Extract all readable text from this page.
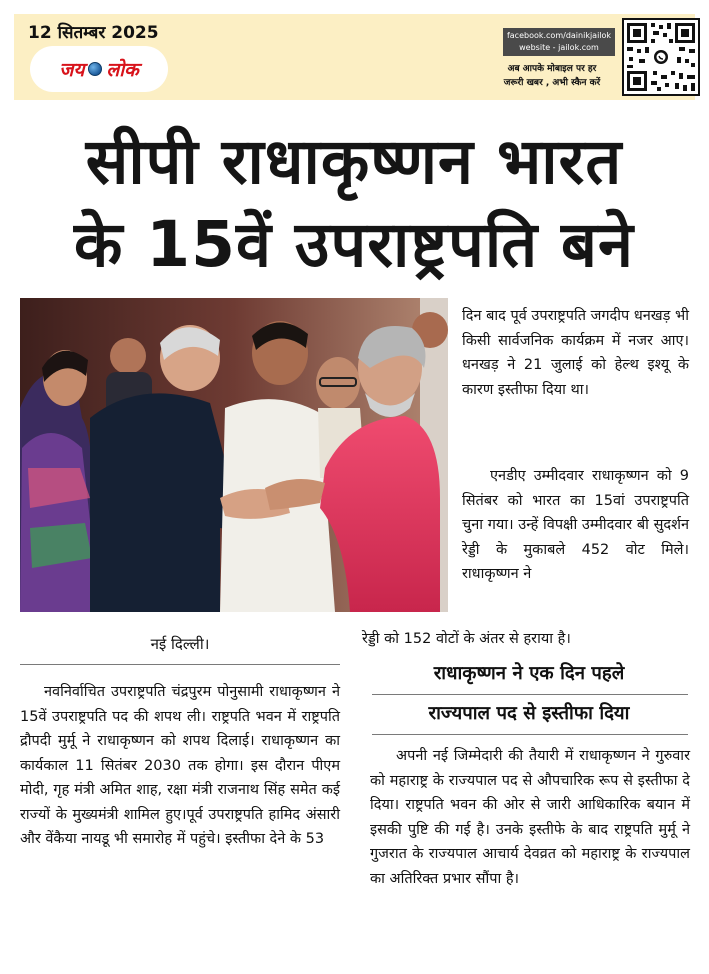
12 सितम्बर 2025
जय लोक
facebook.com/dainikjailok
website - jailok.com
अब आपके मोबाइल पर हर
जरूरी खबर , अभी स्कैन करें
सीपी राधाकृष्णन भारत
के 15वें उपराष्ट्रपति बने

दिन बाद पूर्व उपराष्ट्रपति जगदीप धनखड़ भी किसी सार्वजनिक कार्यक्रम में नजर आए। धनखड़ ने 21 जुलाई को हेल्थ इश्यू के कारण इस्तीफा दिया था।

एनडीए उम्मीदवार राधाकृष्णन को 9 सितंबर को भारत का 15वां उपराष्ट्रपति चुना गया। उन्हें विपक्षी उम्मीदवार बी सुदर्शन रेड्डी के मुकाबले 452 वोट मिले। राधाकृष्णन ने

रेड्डी को 152 वोटों के अंतर से हराया है।

नई दिल्ली।

नवनिर्वाचित उपराष्ट्रपति चंद्रपुरम पोनुसामी राधाकृष्णन ने 15वें उपराष्ट्रपति पद की शपथ ली। राष्ट्रपति भवन में राष्ट्रपति द्रौपदी मुर्मू ने राधाकृष्णन को शपथ दिलाई। राधाकृष्णन का कार्यकाल 11 सितंबर 2030 तक होगा। इस दौरान पीएम मोदी, गृह मंत्री अमित शाह, रक्षा मंत्री राजनाथ सिंह समेत कई राज्यों के मुख्यमंत्री शामिल हुए।पूर्व उपराष्ट्रपति हामिद अंसारी और वेंकैया नायडू भी समारोह में पहुंचे। इस्तीफा देने के 53

राधाकृष्णन ने एक दिन पहले
राज्यपाल पद से इस्तीफा दिया

अपनी नई जिम्मेदारी की तैयारी में राधाकृष्णन ने गुरुवार को महाराष्ट्र के राज्यपाल पद से औपचारिक रूप से इस्तीफा दे दिया। राष्ट्रपति भवन की ओर से जारी आधिकारिक बयान में इसकी पुष्टि की गई है। उनके इस्तीफे के बाद राष्ट्रपति मुर्मू ने गुजरात के राज्यपाल आचार्य देवव्रत को महाराष्ट्र के राज्यपाल का अतिरिक्त प्रभार सौंपा है।
